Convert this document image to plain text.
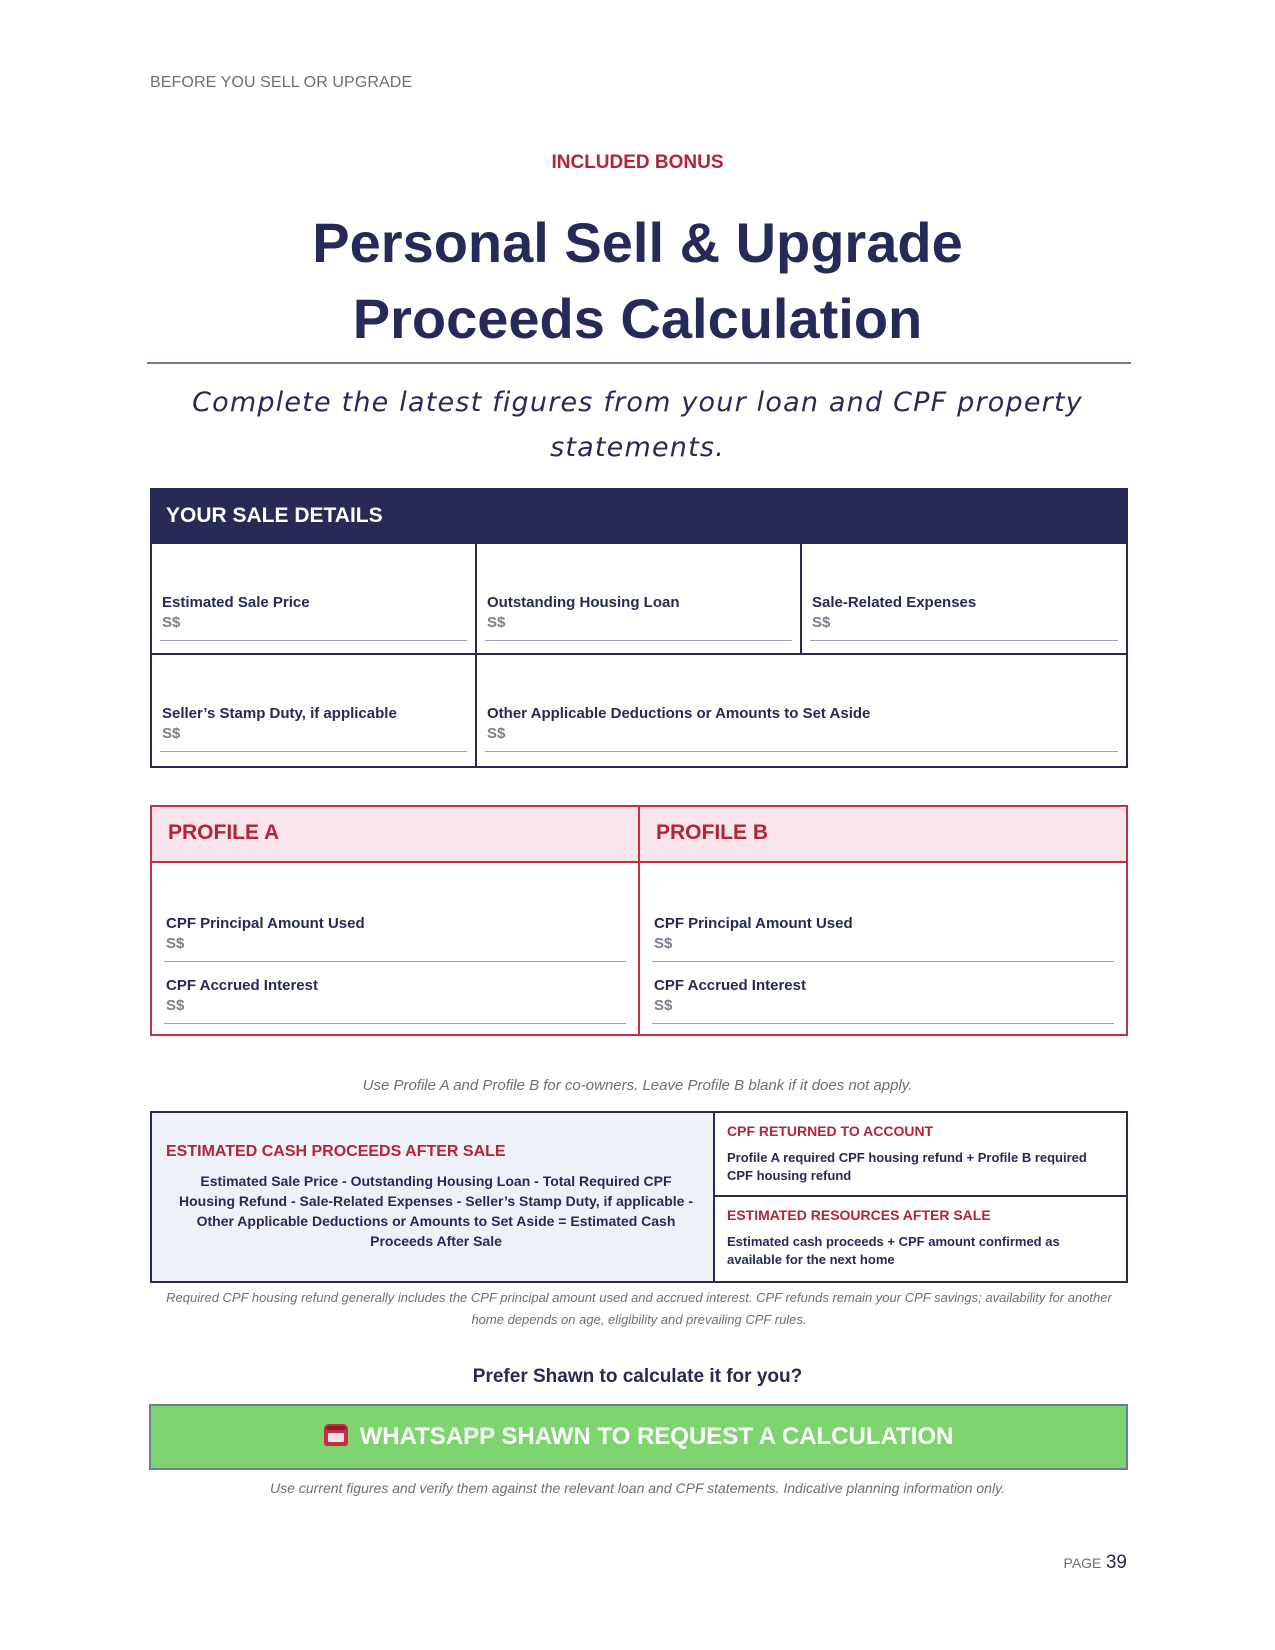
BEFORE YOU SELL OR UPGRADE
INCLUDED BONUS
Personal Sell & Upgrade
Proceeds Calculation
Complete the latest figures from your loan and CPF property statements.
YOUR SALE DETAILS
Estimated Sale Price
S$
Outstanding Housing Loan
S$
Sale-Related Expenses
S$
Seller’s Stamp Duty, if applicable
S$
Other Applicable Deductions or Amounts to Set Aside
S$
PROFILE A	PROFILE B
CPF Principal Amount Used
S$
CPF Accrued Interest
S$
CPF Principal Amount Used
S$
CPF Accrued Interest
S$
Use Profile A and Profile B for co-owners. Leave Profile B blank if it does not apply.
ESTIMATED CASH PROCEEDS AFTER SALE
Estimated Sale Price - Outstanding Housing Loan - Total Required CPF Housing Refund - Sale-Related Expenses - Seller’s Stamp Duty, if applicable - Other Applicable Deductions or Amounts to Set Aside = Estimated Cash Proceeds After Sale
CPF RETURNED TO ACCOUNT
Profile A required CPF housing refund + Profile B required CPF housing refund
ESTIMATED RESOURCES AFTER SALE
Estimated cash proceeds + CPF amount confirmed as available for the next home
Required CPF housing refund generally includes the CPF principal amount used and accrued interest. CPF refunds remain your CPF savings; availability for another home depends on age, eligibility and prevailing CPF rules.
Prefer Shawn to calculate it for you?
WHATSAPP SHAWN TO REQUEST A CALCULATION
Use current figures and verify them against the relevant loan and CPF statements. Indicative planning information only.
PAGE 39
